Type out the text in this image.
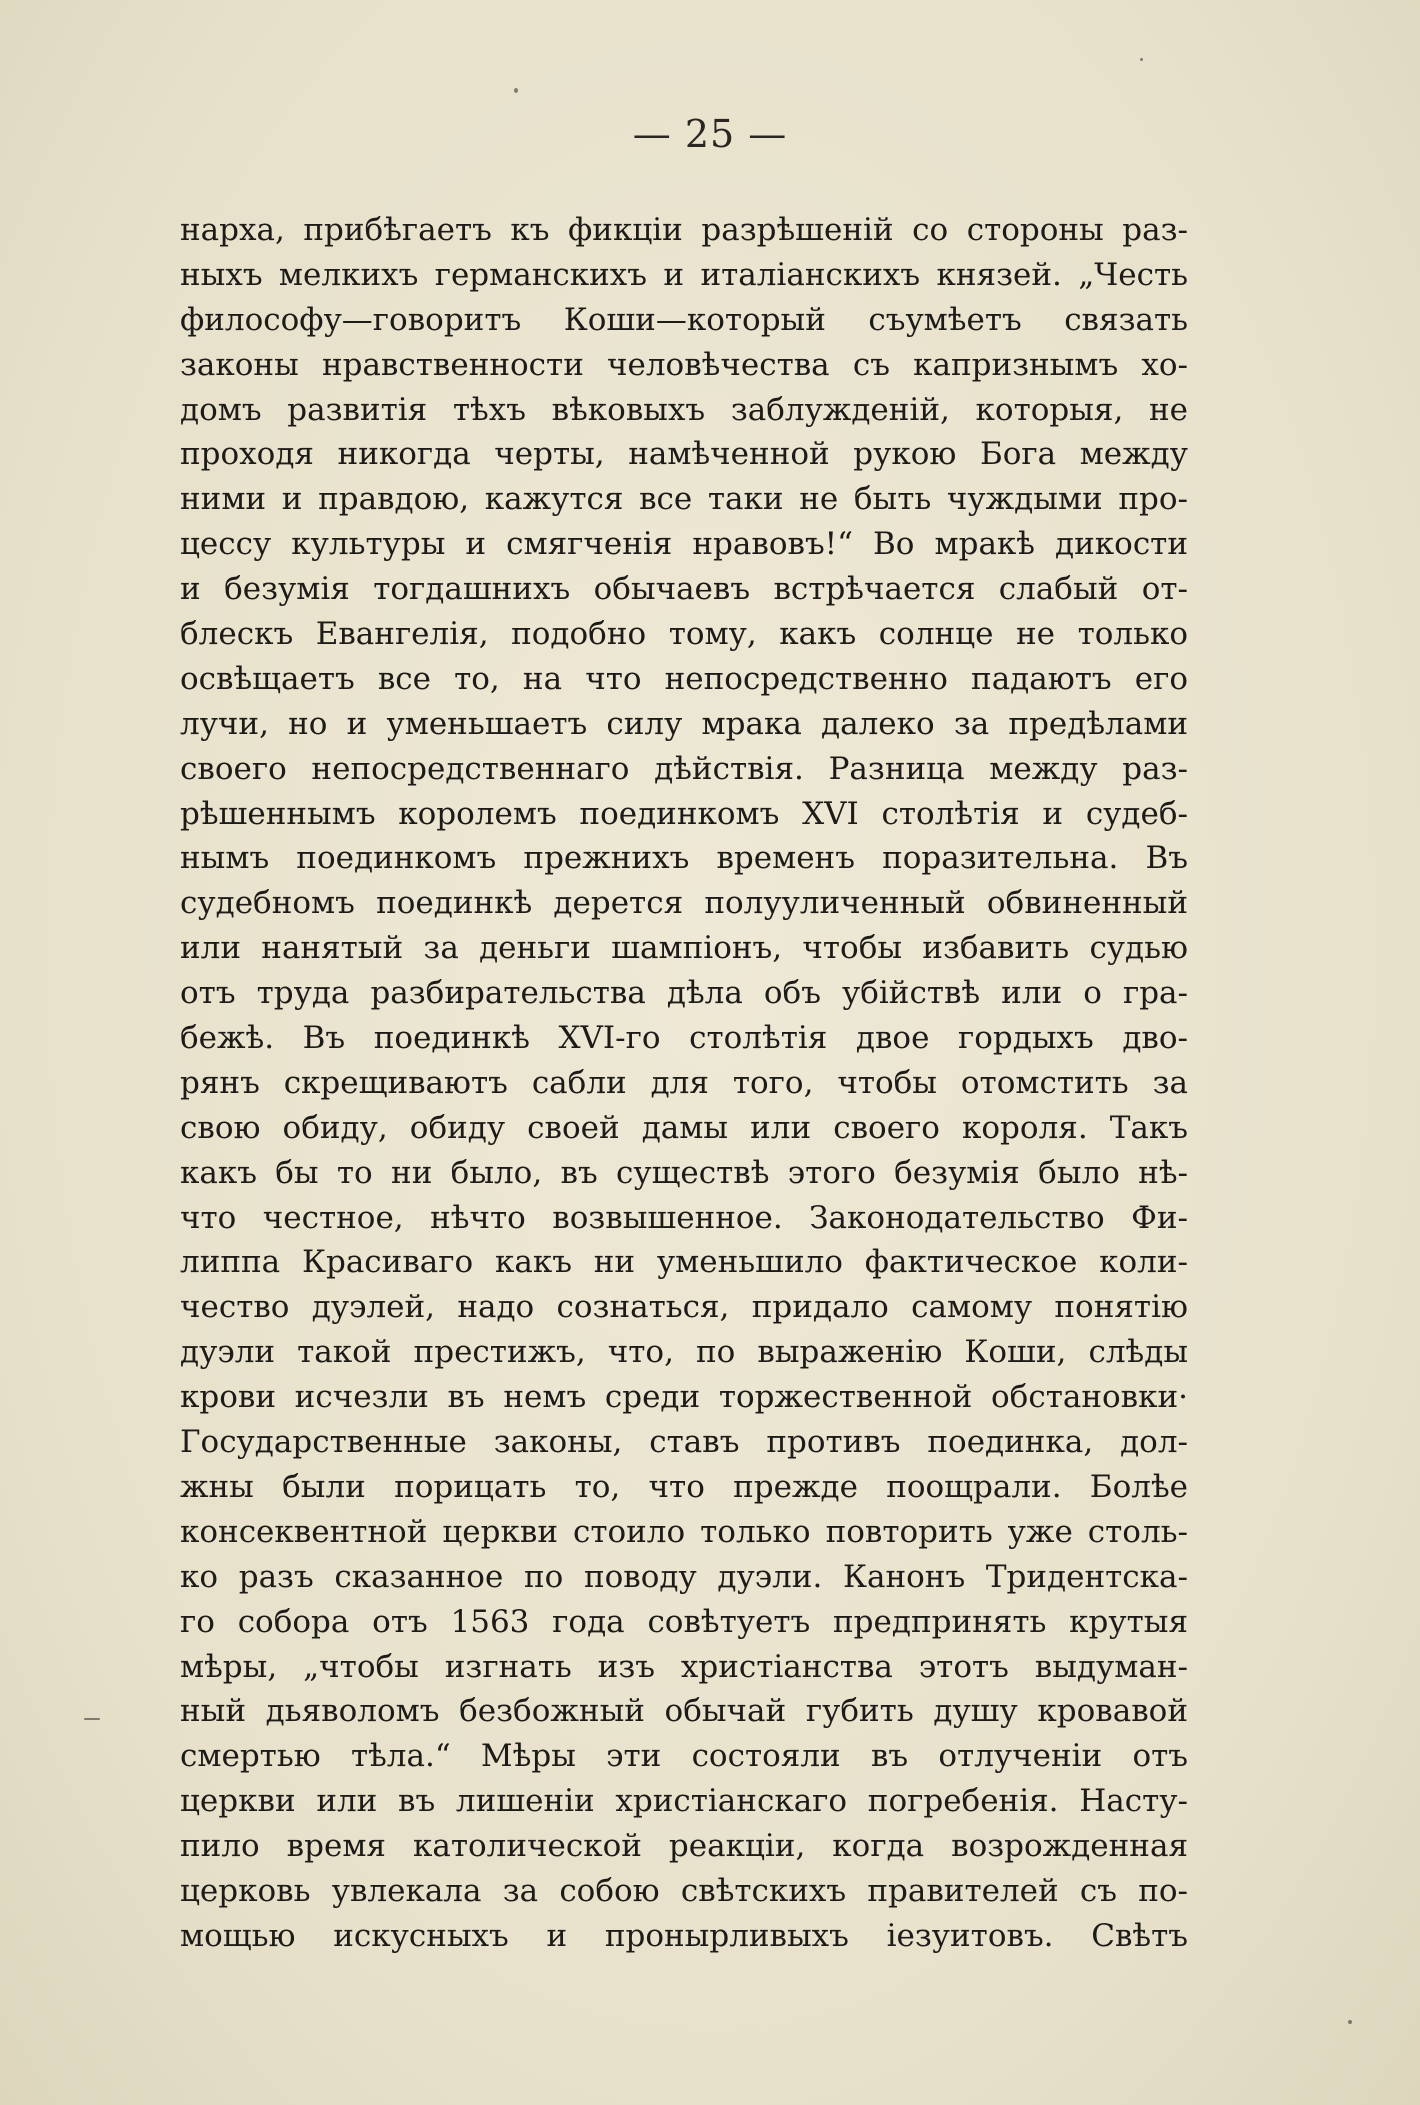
— 25 —
нарха, прибѣгаетъ къ фикціи разрѣшеній со стороны раз-
ныхъ мелкихъ германскихъ и италіанскихъ князей. „Честь
философу—говоритъ Коши—который съумѣетъ связать
законы нравственности человѣчества съ капризнымъ хо-
домъ развитія тѣхъ вѣковыхъ заблужденій, которыя, не
проходя никогда черты, намѣченной рукою Бога между
ними и правдою, кажутся все таки не быть чуждыми про-
цессу культуры и смягченія нравовъ!“ Во мракѣ дикости
и безумія тогдашнихъ обычаевъ встрѣчается слабый от-
блескъ Евангелія, подобно тому, какъ солнце не только
освѣщаетъ все то, на что непосредственно падаютъ его
лучи, но и уменьшаетъ силу мрака далеко за предѣлами
своего непосредственнаго дѣйствія. Разница между раз-
рѣшеннымъ королемъ поединкомъ XVI столѣтія и судеб-
нымъ поединкомъ прежнихъ временъ поразительна. Въ
судебномъ поединкѣ дерется полууличенный обвиненный
или нанятый за деньги шампіонъ, чтобы избавить судью
отъ труда разбирательства дѣла объ убійствѣ или о гра-
бежѣ. Въ поединкѣ XVI-го столѣтія двое гордыхъ дво-
рянъ скрещиваютъ сабли для того, чтобы отомстить за
свою обиду, обиду своей дамы или своего короля. Такъ
какъ бы то ни было, въ существѣ этого безумія было нѣ-
что честное, нѣчто возвышенное. Законодательство Фи-
липпа Красиваго какъ ни уменьшило фактическое коли-
чество дуэлей, надо сознаться, придало самому понятію
дуэли такой престижъ, что, по выраженію Коши, слѣды
крови исчезли въ немъ среди торжественной обстановки·
Государственные законы, ставъ противъ поединка, дол-
жны были порицать то, что прежде поощрали. Болѣе
консеквентной церкви стоило только повторить уже столь-
ко разъ сказанное по поводу дуэли. Канонъ Тридентска-
го собора отъ 1563 года совѣтуетъ предпринять крутыя
мѣры, „чтобы изгнать изъ христіанства этотъ выдуман-
ный дьяволомъ безбожный обычай губить душу кровавой
смертью тѣла.“ Мѣры эти состояли въ отлученіи отъ
церкви или въ лишеніи христіанскаго погребенія. Насту-
пило время католической реакціи, когда возрожденная
церковь увлекала за собою свѣтскихъ правителей съ по-
мощью искусныхъ и пронырливыхъ іезуитовъ. Свѣтъ
